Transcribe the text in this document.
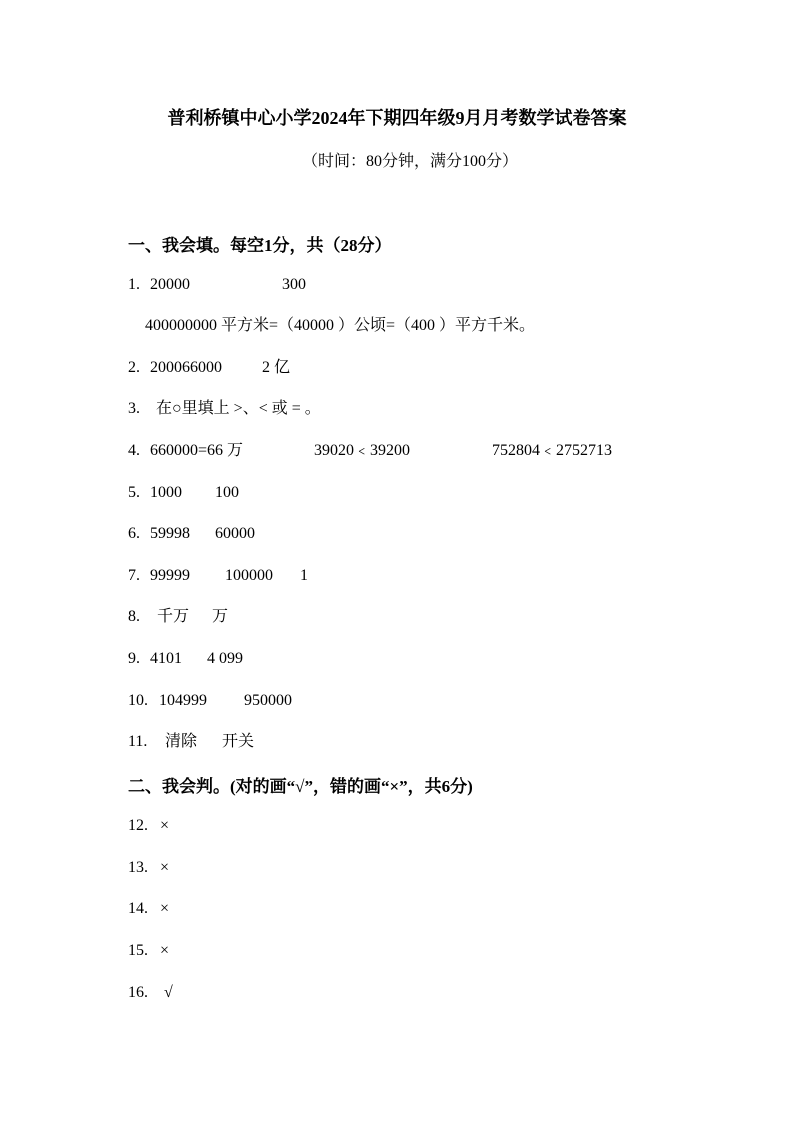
普利桥镇中心小学2024年下期四年级9月月考数学试卷答案
（时间：80分钟，满分100分）
一、我会填。每空1分，共（28分）
1. 20000	300
400000000 平方米=（40000 ）公顷=（400 ）平方千米。
2. 200066000	2 亿
3. 在○里填上 >、< 或 = 。
4. 660000=66 万	39020﹤39200	752804﹤2752713
5. 1000 100
6. 59998 60000
7. 99999 100000 1
8. 千万 万
9. 4101 4 099
10. 104999 950000
11. 清除 开关
二、我会判。(对的画“√”，错的画“×”，共6分)
12. ×
13. ×
14. ×
15. ×
16. √
